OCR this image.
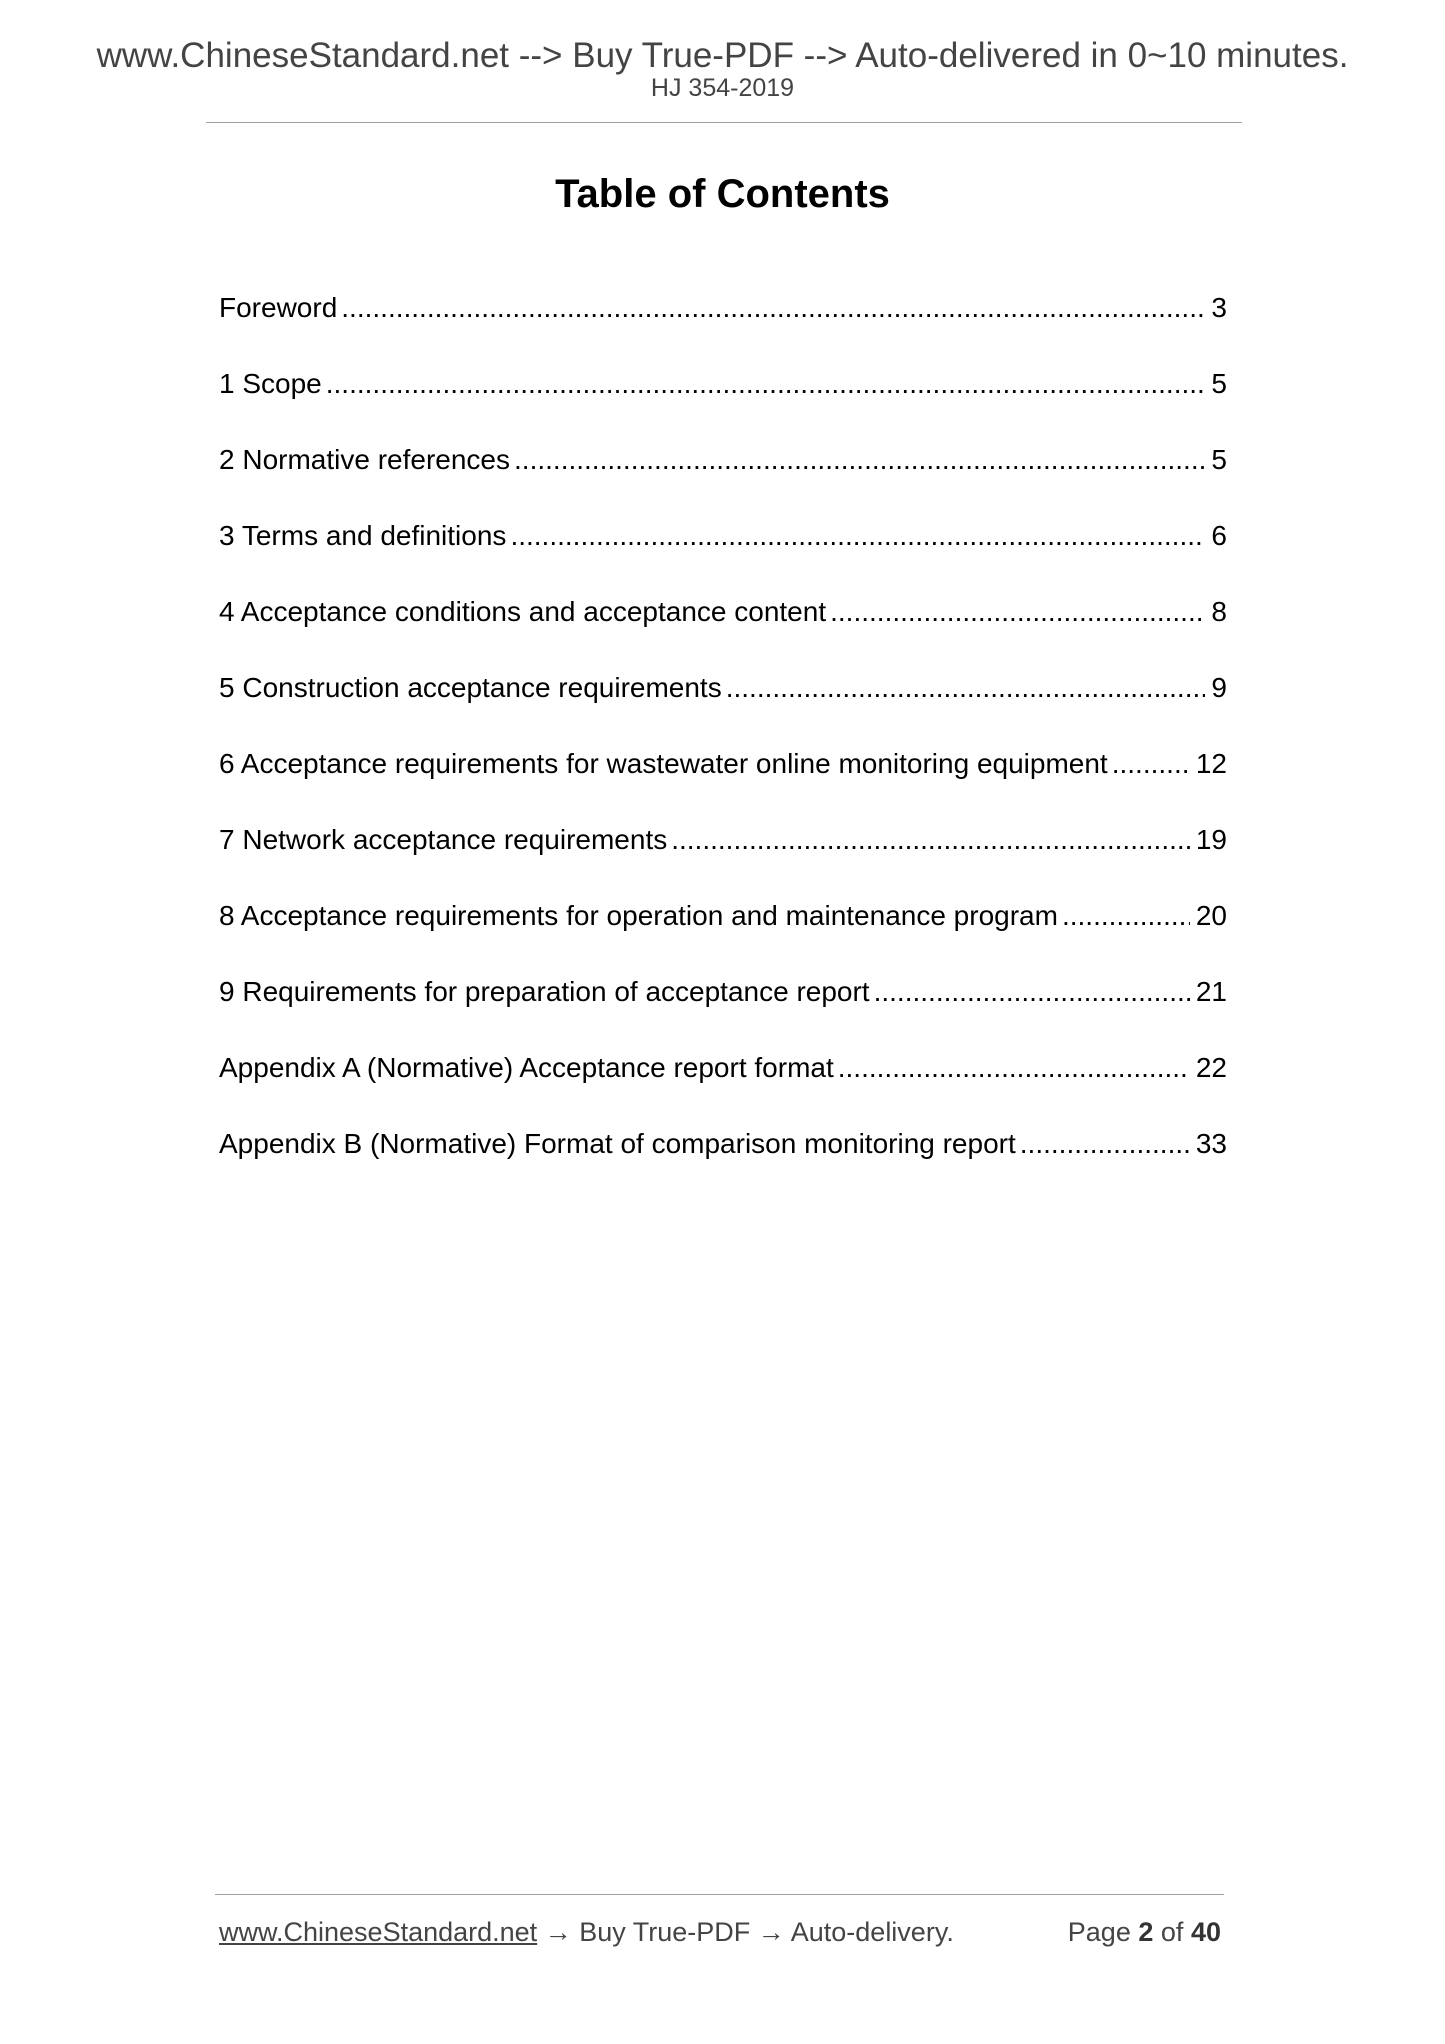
www.ChineseStandard.net --> Buy True-PDF --> Auto-delivered in 0~10 minutes.
HJ 354-2019
Table of Contents
Foreword .....	3
1 Scope .....	5
2 Normative references .....	5
3 Terms and definitions .....	6
4 Acceptance conditions and acceptance content .....	8
5 Construction acceptance requirements .....	9
6 Acceptance requirements for wastewater online monitoring equipment .....	12
7 Network acceptance requirements .....	19
8 Acceptance requirements for operation and maintenance program .....	20
9 Requirements for preparation of acceptance report .....	21
Appendix A (Normative) Acceptance report format .....	22
Appendix B (Normative) Format of comparison monitoring report .....	33
www.ChineseStandard.net → Buy True-PDF → Auto-delivery.	Page 2 of 40
